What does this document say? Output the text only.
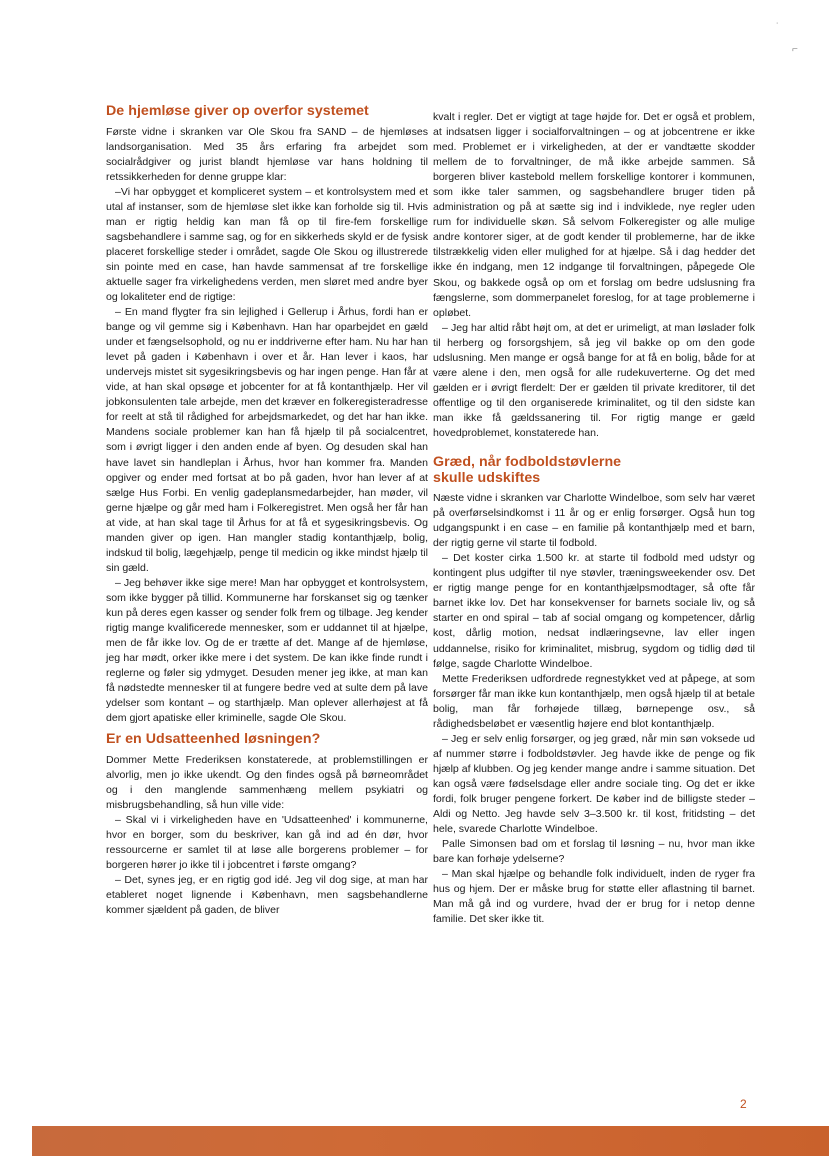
˙
⌐
De hjemløse giver op overfor systemet

Første vidne i skranken var Ole Skou fra SAND – de hjemløses landsorganisation. Med 35 års erfaring fra arbejdet som socialrådgiver og jurist blandt hjemløse var hans holdning til retssikkerheden for denne gruppe klar:

–Vi har opbygget et kompliceret system – et kontrolsystem med et utal af instanser, som de hjemløse slet ikke kan forholde sig til. Hvis man er rigtig heldig kan man få op til fire-fem forskellige sagsbehandlere i samme sag, og for en sikkerheds skyld er de fysisk placeret forskellige steder i området, sagde Ole Skou og illustrerede sin pointe med en case, han havde sammensat af tre forskellige aktuelle sager fra virkelighedens verden, men sløret med andre byer og lokaliteter end de rigtige:

– En mand flygter fra sin lejlighed i Gellerup i Århus, fordi han er bange og vil gemme sig i København. Han har oparbejdet en gæld under et fængselsophold, og nu er inddriverne efter ham. Nu har han levet på gaden i København i over et år. Han lever i kaos, har undervejs mistet sit sygesikringsbevis og har ingen penge. Han får at vide, at han skal opsøge et jobcenter for at få kontanthjælp. Her vil jobkonsulenten tale arbejde, men det kræver en folkeregisteradresse for reelt at stå til rådighed for arbejdsmarkedet, og det har han ikke. Mandens sociale problemer kan han få hjælp til på socialcentret, som i øvrigt ligger i den anden ende af byen. Og desuden skal han have lavet sin handleplan i Århus, hvor han kommer fra. Manden opgiver og ender med fortsat at bo på gaden, hvor han lever af at sælge Hus Forbi. En venlig gadeplansmedarbejder, han møder, vil gerne hjælpe og går med ham i Folkeregistret. Men også her får han at vide, at han skal tage til Århus for at få et sygesikringsbevis. Og manden giver op igen. Han mangler stadig kontanthjælp, bolig, indskud til bolig, lægehjælp, penge til medicin og ikke mindst hjælp til sin gæld.

– Jeg behøver ikke sige mere! Man har opbygget et kontrolsystem, som ikke bygger på tillid. Kommunerne har forskanset sig og tænker kun på deres egen kasser og sender folk frem og tilbage. Jeg kender rigtig mange kvalificerede mennesker, som er uddannet til at hjælpe, men de får ikke lov. Og de er trætte af det. Mange af de hjemløse, jeg har mødt, orker ikke mere i det system. De kan ikke finde rundt i reglerne og føler sig ydmyget. Desuden mener jeg ikke, at man kan få nødstedte mennesker til at fungere bedre ved at sulte dem på lave ydelser som kontant – og starthjælp. Man oplever allerhøjest at få dem gjort apatiske eller kriminelle, sagde Ole Skou.

Er en Udsatteenhed løsningen?

Dommer Mette Frederiksen konstaterede, at problemstillingen er alvorlig, men jo ikke ukendt. Og den findes også på børneområdet og i den manglende sammenhæng mellem psykiatri og misbrugsbehandling, så hun ville vide:

– Skal vi i virkeligheden have en 'Udsatteenhed' i kommunerne, hvor en borger, som du beskriver, kan gå ind ad én dør, hvor ressourcerne er samlet til at løse alle borgerens problemer – for borgeren hører jo ikke til i jobcentret i første omgang?

– Det, synes jeg, er en rigtig god idé. Jeg vil dog sige, at man har etableret noget lignende i København, men sagsbehandlerne kommer sjældent på gaden, de bliver

kvalt i regler. Det er vigtigt at tage højde for. Det er også et problem, at indsatsen ligger i socialforvaltningen – og at jobcentrene er ikke med. Problemet er i virkeligheden, at der er vandtætte skodder mellem de to forvaltninger, de må ikke arbejde sammen. Så borgeren bliver kastebold mellem forskellige kontorer i kommunen, som ikke taler sammen, og sagsbehandlere bruger tiden på administration og på at sætte sig ind i indviklede, nye regler uden rum for individuelle skøn. Så selvom Folkeregister og alle mulige andre kontorer siger, at de godt kender til problemerne, har de ikke tilstrækkelig viden eller mulighed for at hjælpe. Så i dag hedder det ikke én indgang, men 12 indgange til forvaltningen, påpegede Ole Skou, og bakkede også op om et forslag om bedre udslusning fra fængslerne, som dommerpanelet foreslog, for at tage problemerne i opløbet.

– Jeg har altid råbt højt om, at det er urimeligt, at man løslader folk til herberg og forsorgshjem, så jeg vil bakke op om den gode udslusning. Men mange er også bange for at få en bolig, både for at være alene i den, men også for alle rudekuverterne. Og det med gælden er i øvrigt flerdelt: Der er gælden til private kreditorer, til det offentlige og til den organiserede kriminalitet, og til den sidste kan man ikke få gældssanering til. For rigtig mange er gæld hovedproblemet, konstaterede han.

Græd, når fodboldstøvlerne
skulle udskiftes

Næste vidne i skranken var Charlotte Windelboe, som selv har været på overførselsindkomst i 11 år og er enlig forsørger. Også hun tog udgangspunkt i en case – en familie på kontanthjælp med et barn, der rigtig gerne vil starte til fodbold.

– Det koster cirka 1.500 kr. at starte til fodbold med udstyr og kontingent plus udgifter til nye støvler, træningsweekender osv. Det er rigtig mange penge for en kontanthjælpsmodtager, så ofte får barnet ikke lov. Det har konsekvenser for barnets sociale liv, og så starter en ond spiral – tab af social omgang og kompetencer, dårlig kost, dårlig motion, nedsat indlæringsevne, lav eller ingen uddannelse, risiko for kriminalitet, misbrug, sygdom og tidlig død til følge, sagde Charlotte Windelboe.

Mette Frederiksen udfordrede regnestykket ved at påpege, at som forsørger får man ikke kun kontanthjælp, men også hjælp til at betale bolig, man får forhøjede tillæg, børnepenge osv., så rådighedsbeløbet er væsentlig højere end blot kontanthjælp.

– Jeg er selv enlig forsørger, og jeg græd, når min søn voksede ud af nummer større i fodboldstøvler. Jeg havde ikke de penge og fik hjælp af klubben. Og jeg kender mange andre i samme situation. Det kan også være fødselsdage eller andre sociale ting. Og det er ikke fordi, folk bruger pengene forkert. De køber ind de billigste steder – Aldi og Netto. Jeg havde selv 3–3.500 kr. til kost, fritidsting – det hele, svarede Charlotte Windelboe.

Palle Simonsen bad om et forslag til løsning – nu, hvor man ikke bare kan forhøje ydelserne?

– Man skal hjælpe og behandle folk individuelt, inden de ryger fra hus og hjem. Der er måske brug for støtte eller aflastning til barnet. Man må gå ind og vurdere, hvad der er brug for i netop denne familie. Det sker ikke tit.

2
